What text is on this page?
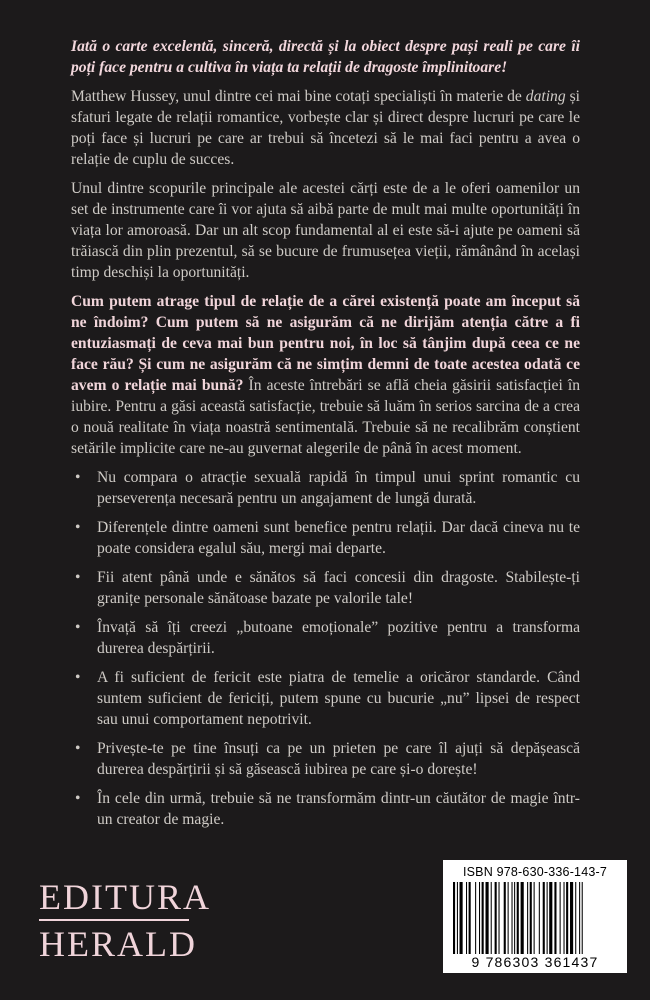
Iată o carte excelentă, sinceră, directă și la obiect despre pași reali pe care îi poți face pentru a cultiva în viața ta relații de dragoste împlinitoare!

Matthew Hussey, unul dintre cei mai bine cotați specialiști în materie de dating și sfaturi legate de relații romantice, vorbește clar și direct despre lucruri pe care le poți face și lucruri pe care ar trebui să încetezi să le mai faci pentru a avea o relație de cuplu de succes.

Unul dintre scopurile principale ale acestei cărți este de a le oferi oamenilor un set de instrumente care îi vor ajuta să aibă parte de mult mai multe oportunități în viața lor amoroasă. Dar un alt scop fundamental al ei este să-i ajute pe oameni să trăiască din plin prezentul, să se bucure de frumusețea vieții, rămânând în același timp deschiși la oportunități.

Cum putem atrage tipul de relație de a cărei existență poate am început să ne îndoim? Cum putem să ne asigurăm că ne dirijăm atenția către a fi entuziasmați de ceva mai bun pentru noi, în loc să tânjim după ceea ce ne face rău? Și cum ne asigurăm că ne simțim demni de toate acestea odată ce avem o relație mai bună? În aceste întrebări se află cheia găsirii satisfacției în iubire. Pentru a găsi această satisfacție, trebuie să luăm în serios sarcina de a crea o nouă realitate în viața noastră sentimentală. Trebuie să ne recalibrăm conștient setările implicite care ne-au guvernat alegerile de până în acest moment.

• Nu compara o atracție sexuală rapidă în timpul unui sprint romantic cu perseverența necesară pentru un angajament de lungă durată.
• Diferențele dintre oameni sunt benefice pentru relații. Dar dacă cineva nu te poate considera egalul său, mergi mai departe.
• Fii atent până unde e sănătos să faci concesii din dragoste. Stabilește-ți granițe personale sănătoase bazate pe valorile tale!
• Învață să îți creezi „butoane emoționale” pozitive pentru a transforma durerea despărțirii.
• A fi suficient de fericit este piatra de temelie a oricăror standarde. Când suntem suficient de fericiți, putem spune cu bucurie „nu” lipsei de respect sau unui comportament nepotrivit.
• Privește-te pe tine însuți ca pe un prieten pe care îl ajuți să depășească durerea despărțirii și să găsească iubirea pe care și-o dorește!
• În cele din urmă, trebuie să ne transformăm dintr-un căutător de magie într-un creator de magie.
EDITURA
HERALD
ISBN 978-630-336-143-7
9 786303 361437
